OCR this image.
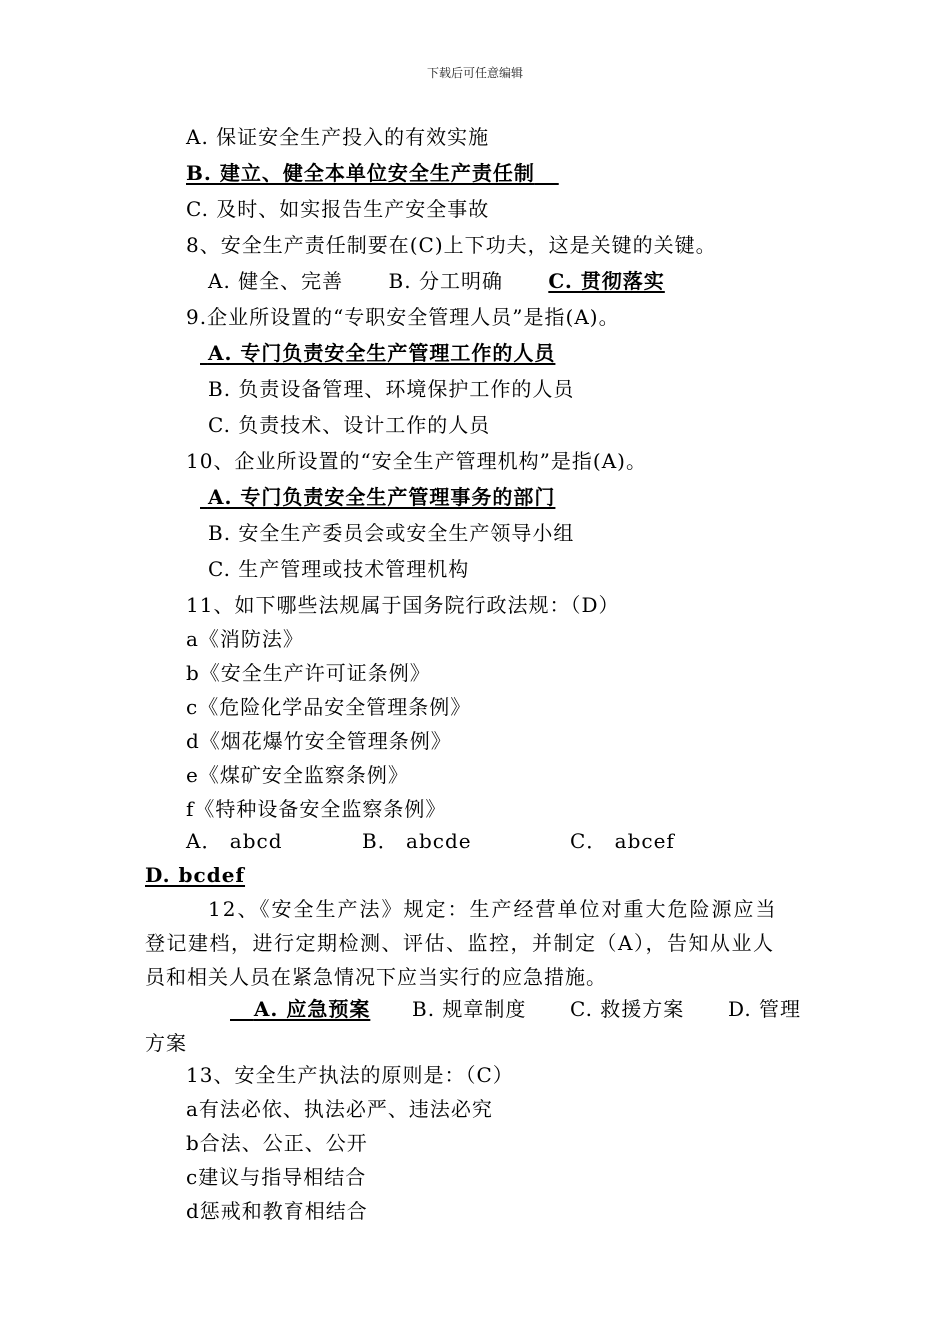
下载后可任意编辑
A. 保证安全生产投入的有效实施
B. 建立、健全本单位安全生产责任制
C. 及时、如实报告生产安全事故
8、安全生产责任制要在(C)上下功夫，这是关键的关键。
A. 健全、完善 B. 分工明确 C. 贯彻落实
9.企业所设置的“专职安全管理人员”是指(A)。
A. 专门负责安全生产管理工作的人员
B. 负责设备管理、环境保护工作的人员
C. 负责技术、设计工作的人员
10、企业所设置的“安全生产管理机构”是指(A)。
A. 专门负责安全生产管理事务的部门
B. 安全生产委员会或安全生产领导小组
C. 生产管理或技术管理机构
11、如下哪些法规属于国务院行政法规：（D）
a《消防法》
b《安全生产许可证条例》
c《危险化学品安全管理条例》
d《烟花爆竹安全管理条例》
e《煤矿安全监察条例》
f《特种设备安全监察条例》
A． abcd	B． abcde	C． abcef
D. bcdef
12、《安全生产法》规定：生产经营单位对重大危险源应当
登记建档，进行定期检测、评估、监控，并制定（A），告知从业人
员和相关人员在紧急情况下应当实行的应急措施。
A. 应急预案 B. 规章制度 C. 救援方案 D. 管理
方案
13、安全生产执法的原则是：（C）
a有法必依、执法必严、违法必究
b合法、公正、公开
c建议与指导相结合
d惩戒和教育相结合
